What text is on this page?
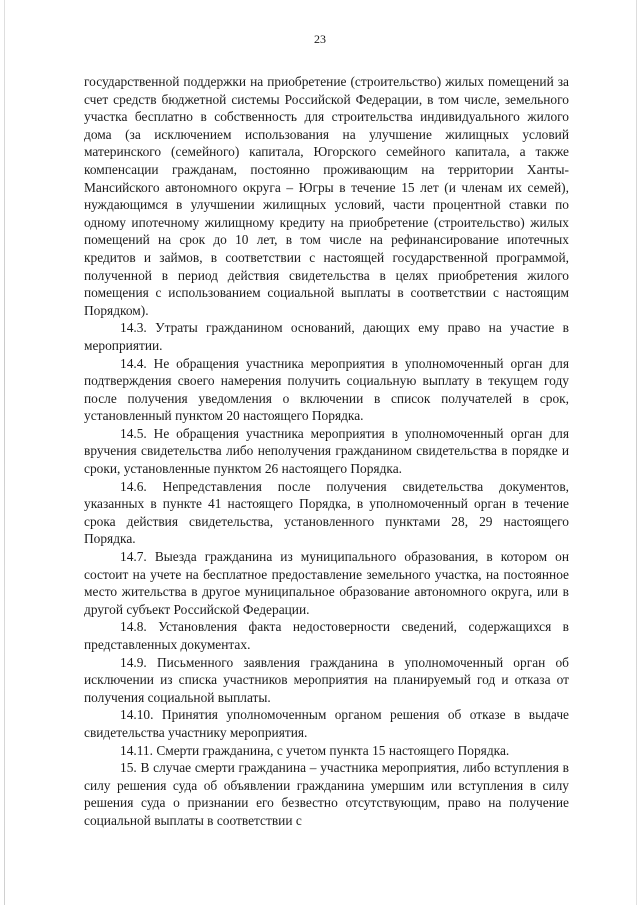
23

государственной поддержки на приобретение (строительство) жилых помещений за счет средств бюджетной системы Российской Федерации, в том числе, земельного участка бесплатно в собственность для строительства индивидуального жилого дома (за исключением использования на улучшение жилищных условий материнского (семейного) капитала, Югорского семейного капитала, а также компенсации гражданам, постоянно проживающим на территории Ханты-Мансийского автономного округа – Югры в течение 15 лет (и членам их семей), нуждающимся в улучшении жилищных условий, части процентной ставки по одному ипотечному жилищному кредиту на приобретение (строительство) жилых помещений на срок до 10 лет, в том числе на рефинансирование ипотечных кредитов и займов, в соответствии с настоящей государственной программой, полученной в период действия свидетельства в целях приобретения жилого помещения с использованием социальной выплаты в соответствии с настоящим Порядком).

14.3. Утраты гражданином оснований, дающих ему право на участие в мероприятии.

14.4. Не обращения участника мероприятия в уполномоченный орган для подтверждения своего намерения получить социальную выплату в текущем году после получения уведомления о включении в список получателей в срок, установленный пунктом 20 настоящего Порядка.

14.5. Не обращения участника мероприятия в уполномоченный орган для вручения свидетельства либо неполучения гражданином свидетельства в порядке и сроки, установленные пунктом 26 настоящего Порядка.

14.6. Непредставления после получения свидетельства документов, указанных в пункте 41 настоящего Порядка, в уполномоченный орган в течение срока действия свидетельства, установленного пунктами 28, 29 настоящего Порядка.

14.7. Выезда гражданина из муниципального образования, в котором он состоит на учете на бесплатное предоставление земельного участка, на постоянное место жительства в другое муниципальное образование автономного округа, или в другой субъект Российской Федерации.

14.8. Установления факта недостоверности сведений, содержащихся в представленных документах.

14.9. Письменного заявления гражданина в уполномоченный орган об исключении из списка участников мероприятия на планируемый год и отказа от получения социальной выплаты.

14.10. Принятия уполномоченным органом решения об отказе в выдаче свидетельства участнику мероприятия.

14.11. Смерти гражданина, с учетом пункта 15 настоящего Порядка.

15. В случае смерти гражданина – участника мероприятия, либо вступления в силу решения суда об объявлении гражданина умершим или вступления в силу решения суда о признании его безвестно отсутствующим, право на получение социальной выплаты в соответствии с
